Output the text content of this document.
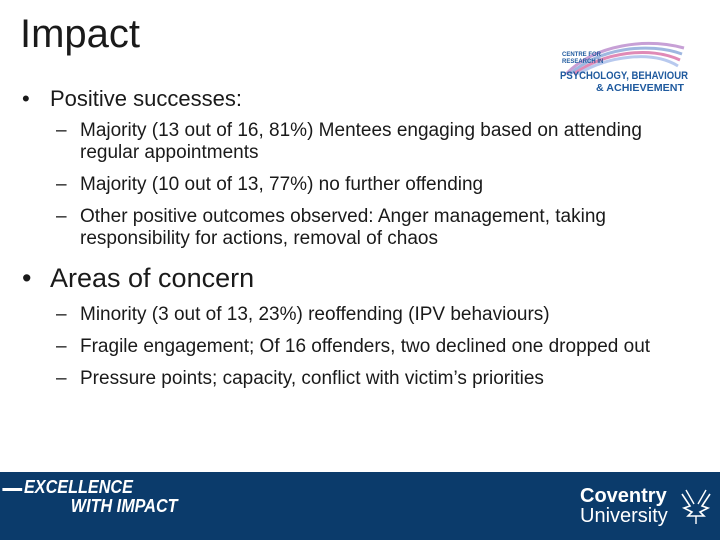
Impact	CENTRE FOR
RESEARCH IN
PSYCHOLOGY, BEHAVIOUR
& ACHIEVEMENT
• Positive successes:
– Majority (13 out of 16, 81%) Mentees engaging based on attending regular appointments
– Majority (10 out of 13, 77%) no further offending
– Other positive outcomes observed: Anger management, taking responsibility for actions, removal of chaos
• Areas of concern
– Minority (3 out of 13, 23%) reoffending (IPV behaviours)
– Fragile engagement; Of 16 offenders, two declined one dropped out
– Pressure points; capacity, conflict with victim’s priorities
EXCELLENCE
WITH IMPACT	Coventry
University
